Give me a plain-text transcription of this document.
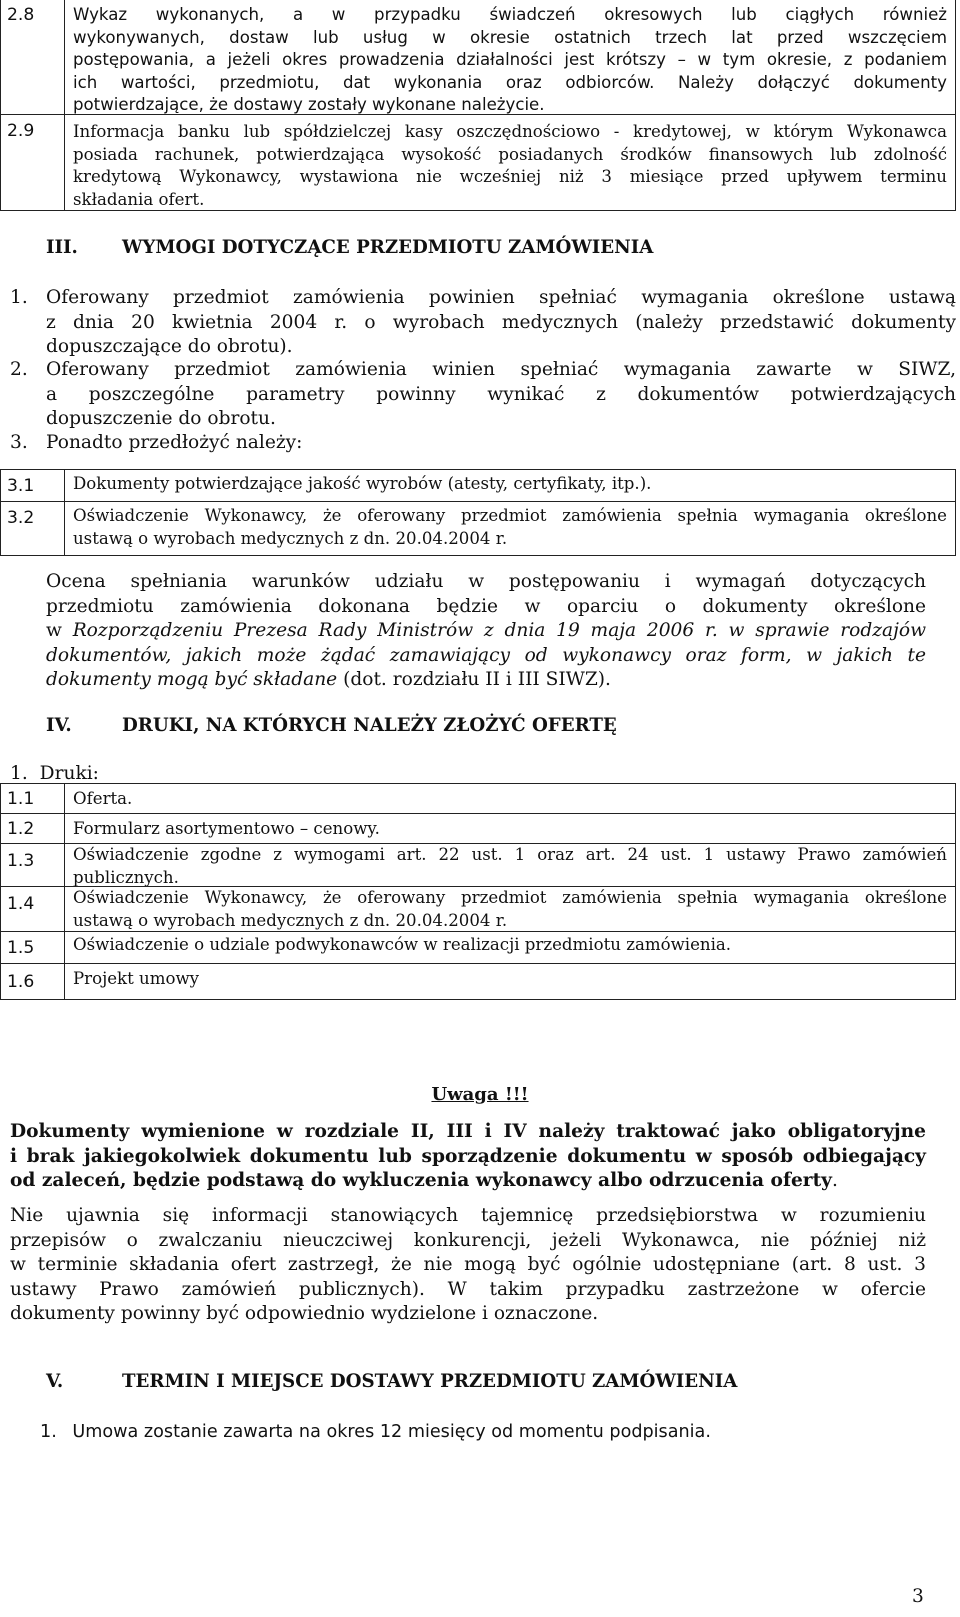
2.8	Wykaz wykonanych, a w przypadku świadczeń okresowych lub ciągłych również
wykonywanych, dostaw lub usług w okresie ostatnich trzech lat przed wszczęciem
postępowania, a jeżeli okres prowadzenia działalności jest krótszy – w tym okresie, z podaniem
ich wartości, przedmiotu, dat wykonania oraz odbiorców. Należy dołączyć dokumenty
potwierdzające, że dostawy zostały wykonane należycie.
2.9	Informacja banku lub spółdzielczej kasy oszczędnościowo - kredytowej, w którym Wykonawca
posiada rachunek, potwierdzająca wysokość posiadanych środków finansowych lub zdolność
kredytową Wykonawcy, wystawiona nie wcześniej niż 3 miesiące przed upływem terminu
składania ofert.
III. WYMOGI DOTYCZĄCE PRZEDMIOTU ZAMÓWIENIA
1. Oferowany przedmiot zamówienia powinien spełniać wymagania określone ustawą
z dnia 20 kwietnia 2004 r. o wyrobach medycznych (należy przedstawić dokumenty
dopuszczające do obrotu).
2. Oferowany przedmiot zamówienia winien spełniać wymagania zawarte w SIWZ,
a poszczególne parametry powinny wynikać z dokumentów potwierdzających
dopuszczenie do obrotu.
3. Ponadto przedłożyć należy:
3.1	Dokumenty potwierdzające jakość wyrobów (atesty, certyfikaty, itp.).
3.2	Oświadczenie Wykonawcy, że oferowany przedmiot zamówienia spełnia wymagania określone
ustawą o wyrobach medycznych z dn. 20.04.2004 r.
Ocena spełniania warunków udziału w postępowaniu i wymagań dotyczących
przedmiotu zamówienia dokonana będzie w oparciu o dokumenty określone
w Rozporządzeniu Prezesa Rady Ministrów z dnia 19 maja 2006 r. w sprawie rodzajów
dokumentów, jakich może żądać zamawiający od wykonawcy oraz form, w jakich te
dokumenty mogą być składane (dot. rozdziału II i III SIWZ).
IV.	DRUKI, NA KTÓRYCH NALEŻY ZŁOŻYĆ OFERTĘ
1. Druki:
1.1	Oferta.
1.2	Formularz asortymentowo – cenowy.
1.3	Oświadczenie zgodne z wymogami art. 22 ust. 1 oraz art. 24 ust. 1 ustawy Prawo zamówień
publicznych.
1.4	Oświadczenie Wykonawcy, że oferowany przedmiot zamówienia spełnia wymagania określone
ustawą o wyrobach medycznych z dn. 20.04.2004 r.
1.5	Oświadczenie o udziale podwykonawców w realizacji przedmiotu zamówienia.
1.6	Projekt umowy
Uwaga !!!
Dokumenty wymienione w rozdziale II, III i IV należy traktować jako obligatoryjne
i brak jakiegokolwiek dokumentu lub sporządzenie dokumentu w sposób odbiegający
od zaleceń, będzie podstawą do wykluczenia wykonawcy albo odrzucenia oferty.
Nie ujawnia się informacji stanowiących tajemnicę przedsiębiorstwa w rozumieniu
przepisów o zwalczaniu nieuczciwej konkurencji, jeżeli Wykonawca, nie później niż
w terminie składania ofert zastrzegł, że nie mogą być ogólnie udostępniane (art. 8 ust. 3
ustawy Prawo zamówień publicznych). W takim przypadku zastrzeżone w ofercie
dokumenty powinny być odpowiednio wydzielone i oznaczone.
V.	TERMIN I MIEJSCE DOSTAWY PRZEDMIOTU ZAMÓWIENIA
1. Umowa zostanie zawarta na okres 12 miesięcy od momentu podpisania.
3
